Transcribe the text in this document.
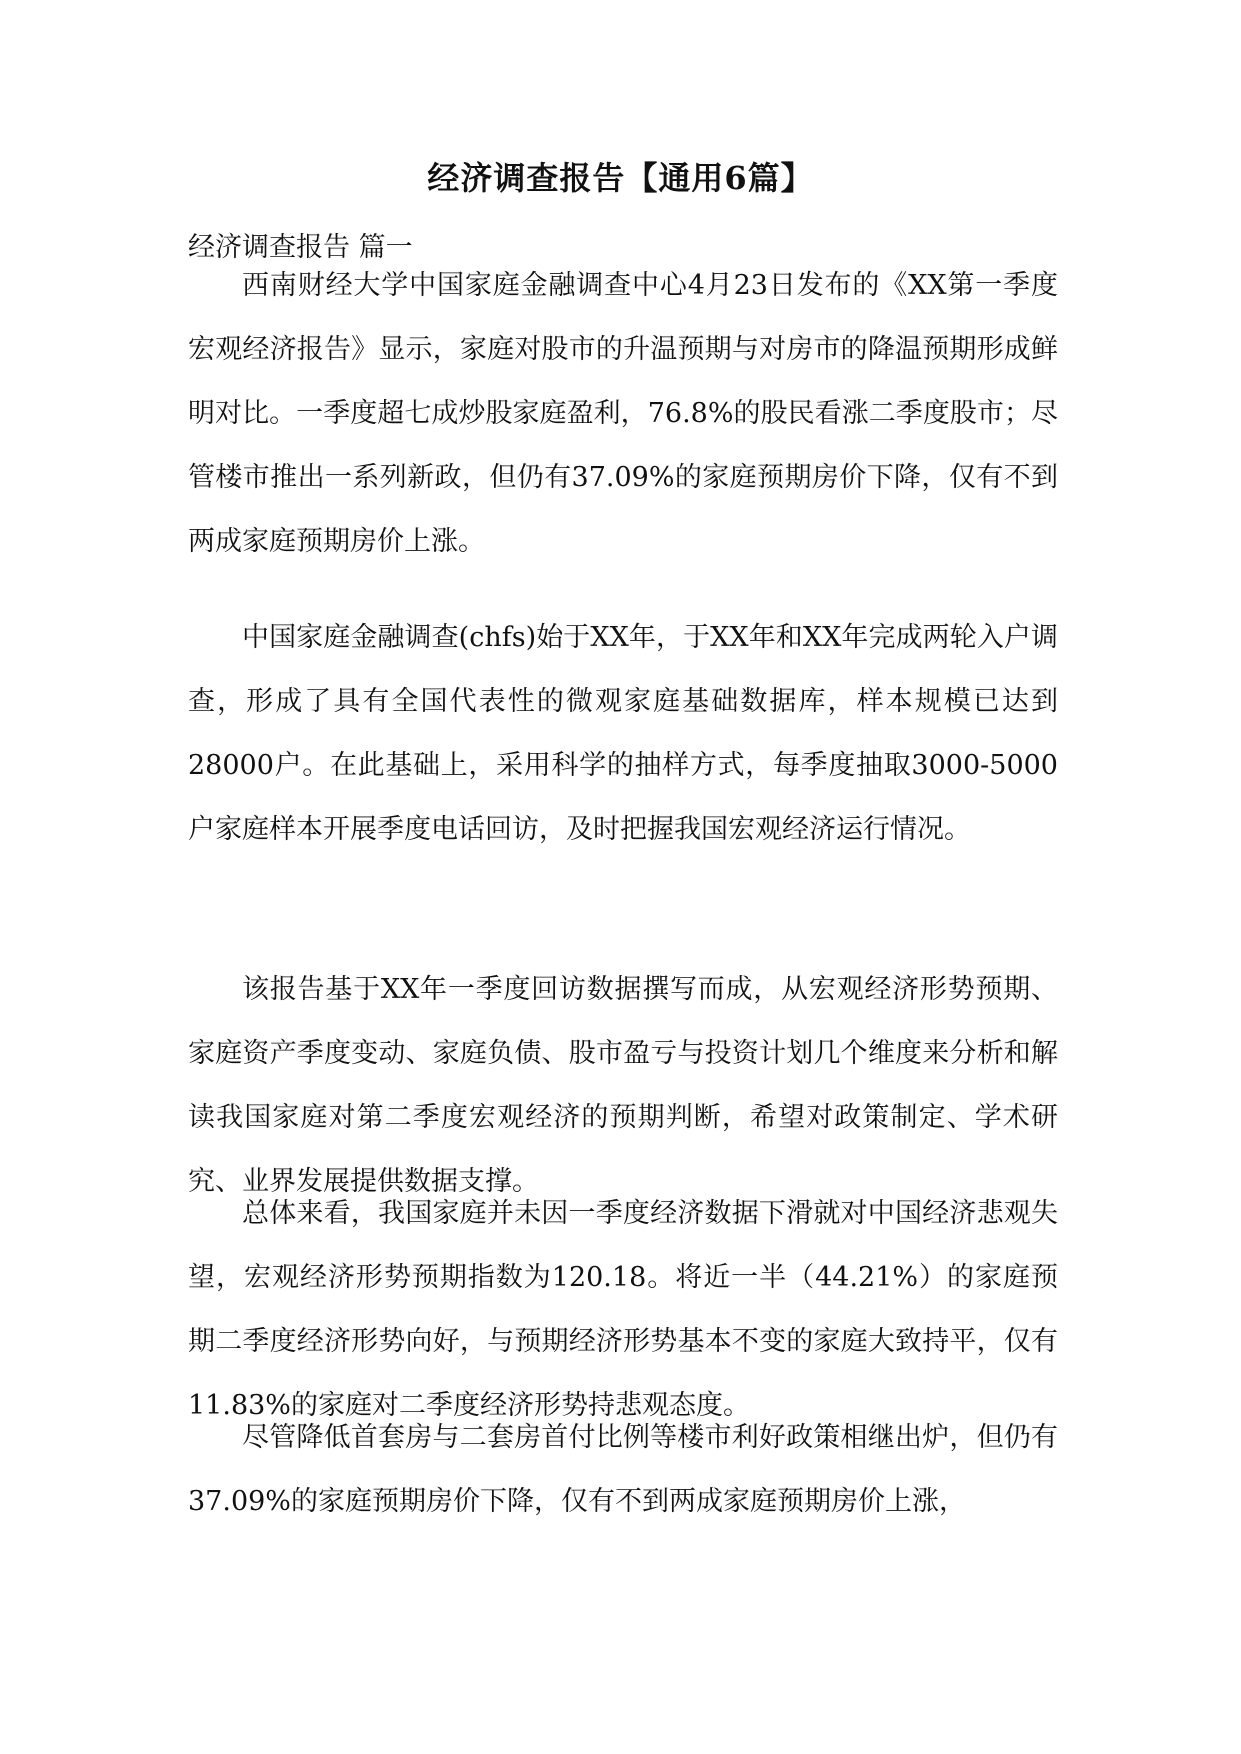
经济调查报告【通用6篇】
经济调查报告 篇一

西南财经大学中国家庭金融调查中心4月23日发布的《XX第一季度宏观经济报告》显示，家庭对股市的升温预期与对房市的降温预期形成鲜明对比。一季度超七成炒股家庭盈利，76.8%的股民看涨二季度股市；尽管楼市推出一系列新政，但仍有37.09%的家庭预期房价下降，仅有不到两成家庭预期房价上涨。

中国家庭金融调查(chfs)始于XX年，于XX年和XX年完成两轮入户调查，形成了具有全国代表性的微观家庭基础数据库，样本规模已达到28000户。在此基础上，采用科学的抽样方式，每季度抽取3000-5000户家庭样本开展季度电话回访，及时把握我国宏观经济运行情况。

该报告基于XX年一季度回访数据撰写而成，从宏观经济形势预期、家庭资产季度变动、家庭负债、股市盈亏与投资计划几个维度来分析和解读我国家庭对第二季度宏观经济的预期判断，希望对政策制定、学术研究、业界发展提供数据支撑。

总体来看，我国家庭并未因一季度经济数据下滑就对中国经济悲观失望，宏观经济形势预期指数为120.18。将近一半（44.21%）的家庭预期二季度经济形势向好，与预期经济形势基本不变的家庭大致持平，仅有11.83%的家庭对二季度经济形势持悲观态度。

尽管降低首套房与二套房首付比例等楼市利好政策相继出炉，但仍有37.09%的家庭预期房价下降，仅有不到两成家庭预期房价上涨，
